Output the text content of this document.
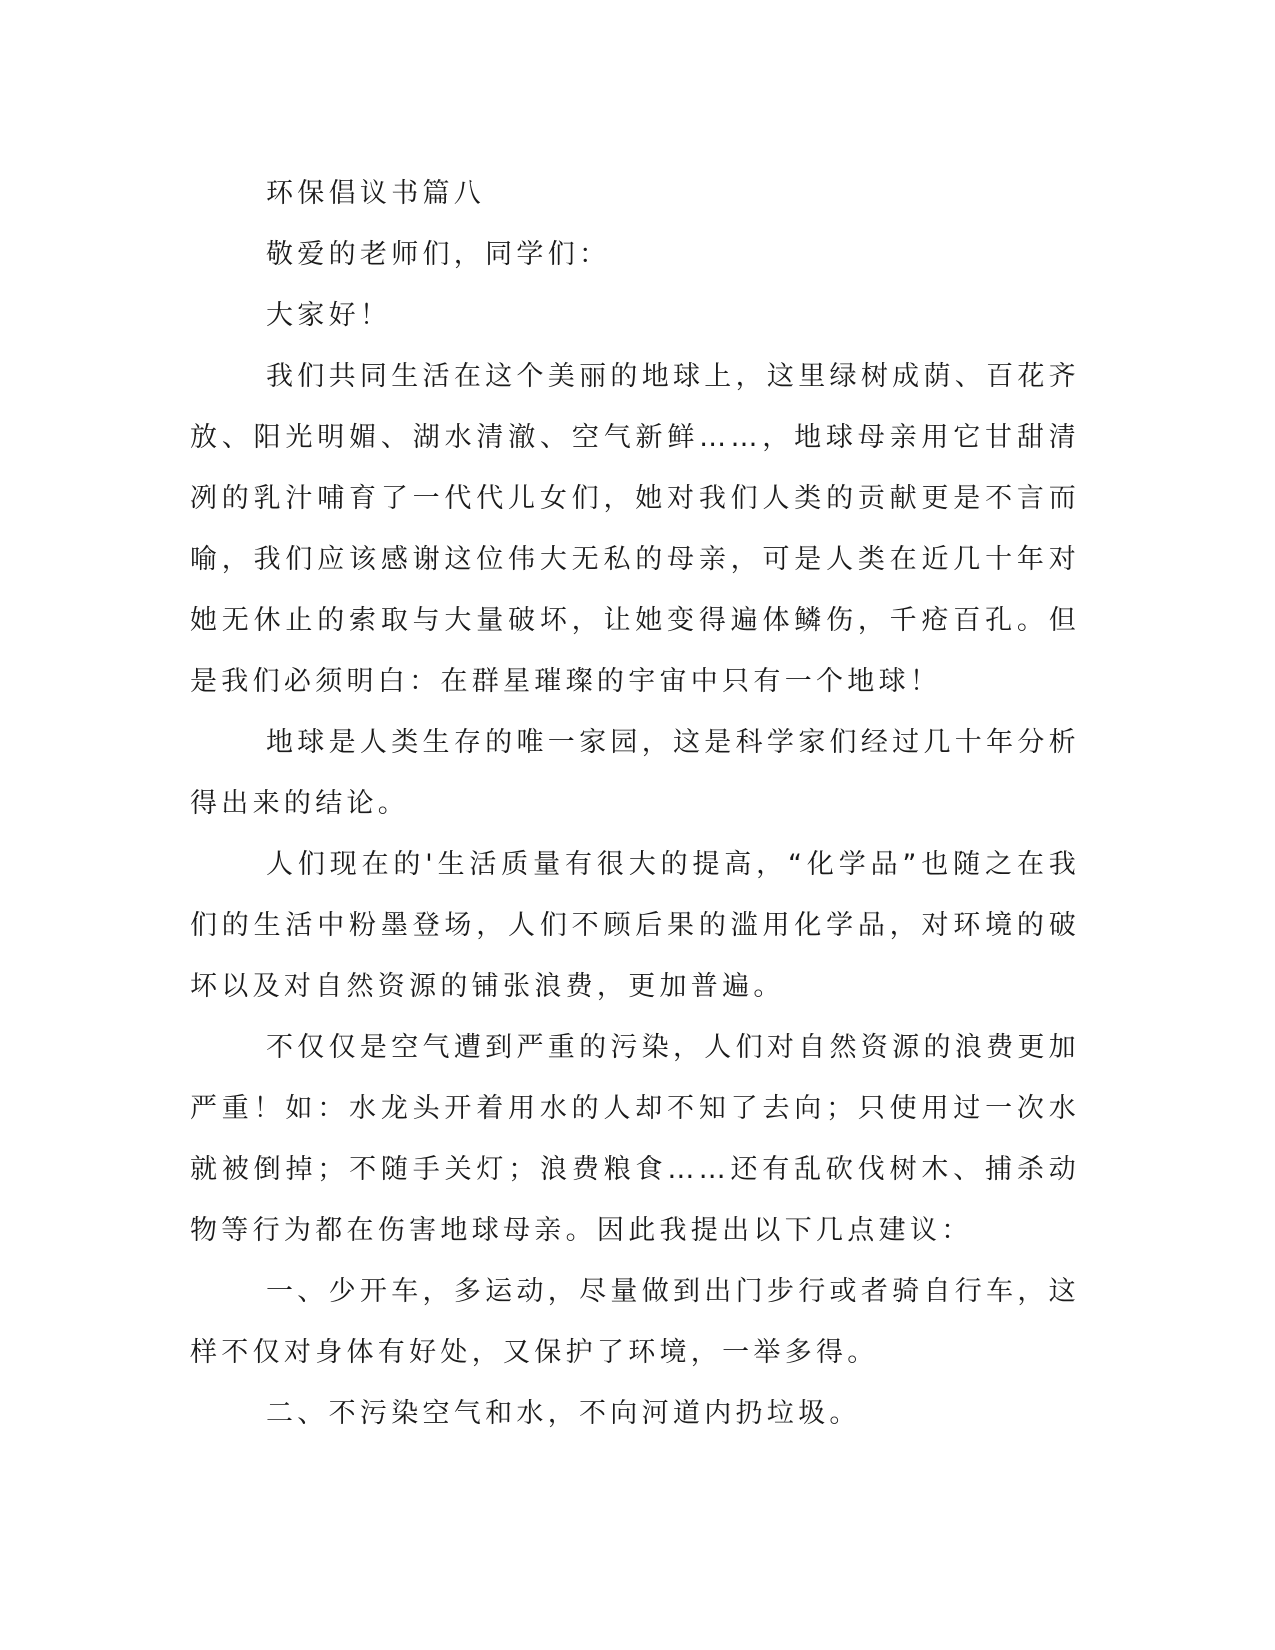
环保倡议书篇八

敬爱的老师们，同学们：

大家好！

我们共同生活在这个美丽的地球上，这里绿树成荫、百花齐放、阳光明媚、湖水清澈、空气新鲜……，地球母亲用它甘甜清冽的乳汁哺育了一代代儿女们，她对我们人类的贡献更是不言而喻，我们应该感谢这位伟大无私的母亲，可是人类在近几十年对她无休止的索取与大量破坏，让她变得遍体鳞伤，千疮百孔。但是我们必须明白：在群星璀璨的宇宙中只有一个地球！

地球是人类生存的唯一家园，这是科学家们经过几十年分析得出来的结论。

人们现在的'生活质量有很大的提高，“化学品”也随之在我们的生活中粉墨登场，人们不顾后果的滥用化学品，对环境的破坏以及对自然资源的铺张浪费，更加普遍。

不仅仅是空气遭到严重的污染，人们对自然资源的浪费更加严重！如：水龙头开着用水的人却不知了去向；只使用过一次水就被倒掉；不随手关灯；浪费粮食……还有乱砍伐树木、捕杀动物等行为都在伤害地球母亲。因此我提出以下几点建议：

一、少开车，多运动，尽量做到出门步行或者骑自行车，这样不仅对身体有好处，又保护了环境，一举多得。

二、不污染空气和水，不向河道内扔垃圾。
